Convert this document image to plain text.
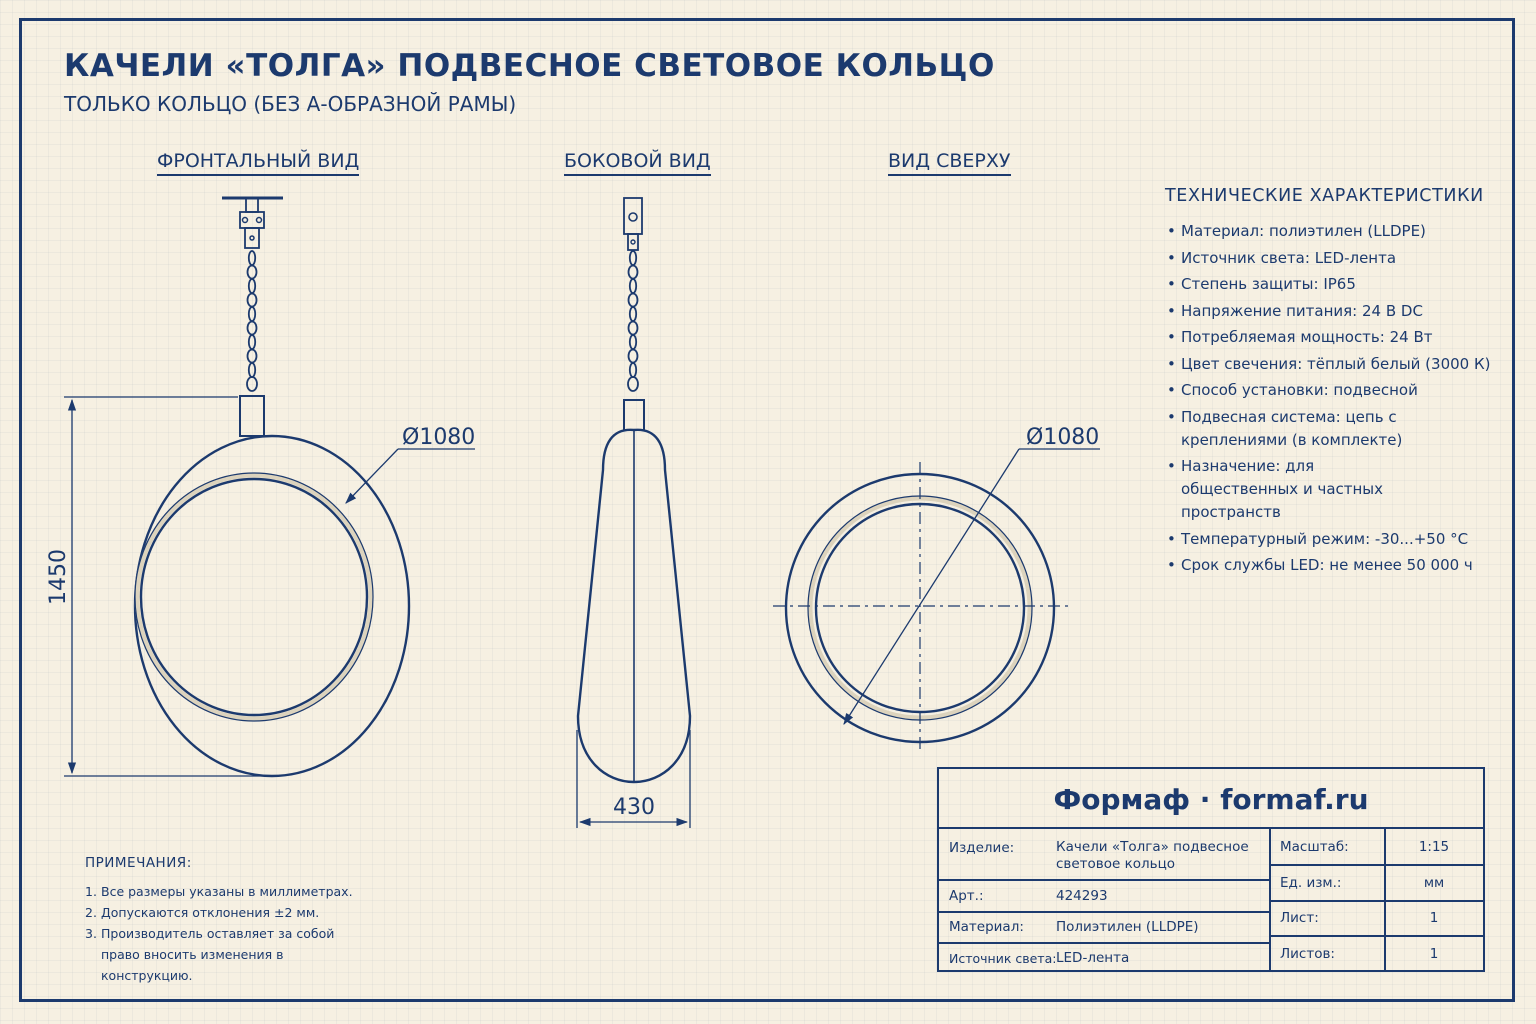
КАЧЕЛИ «ТОЛГА» ПОДВЕСНОЕ СВЕТОВОЕ КОЛЬЦО
ТОЛЬКО КОЛЬЦО (БЕЗ А-ОБРАЗНОЙ РАМЫ)
ФРОНТАЛЬНЫЙ ВИД	БОКОВОЙ ВИД	ВИД СВЕРХУ
Ø1080
1450
430
Ø1080
ТЕХНИЧЕСКИЕ ХАРАКТЕРИСТИКИ
• Материал: полиэтилен (LLDPE)
• Источник света: LED-лента
• Степень защиты: IP65
• Напряжение питания: 24 В DC
• Потребляемая мощность: 24 Вт
• Цвет свечения: тёплый белый (3000 К)
• Способ установки: подвесной
• Подвесная система: цепь с креплениями (в комплекте)
• Назначение: для общественных и частных пространств
• Температурный режим: -30...+50 °C
• Срок службы LED: не менее 50 000 ч
ПРИМЕЧАНИЯ:
1. Все размеры указаны в миллиметрах.
2. Допускаются отклонения ±2 мм.
3. Производитель оставляет за собой право вносить изменения в конструкцию.
Формаф · formaf.ru
Изделие:	Качели «Толга» подвесное световое кольцо
Арт.:	424293
Материал: Полиэтилен (LLDPE)
Источник света: LED-лента
Масштаб:	1:15
Ед. изм.:	мм
Лист:	1
Листов:	1
